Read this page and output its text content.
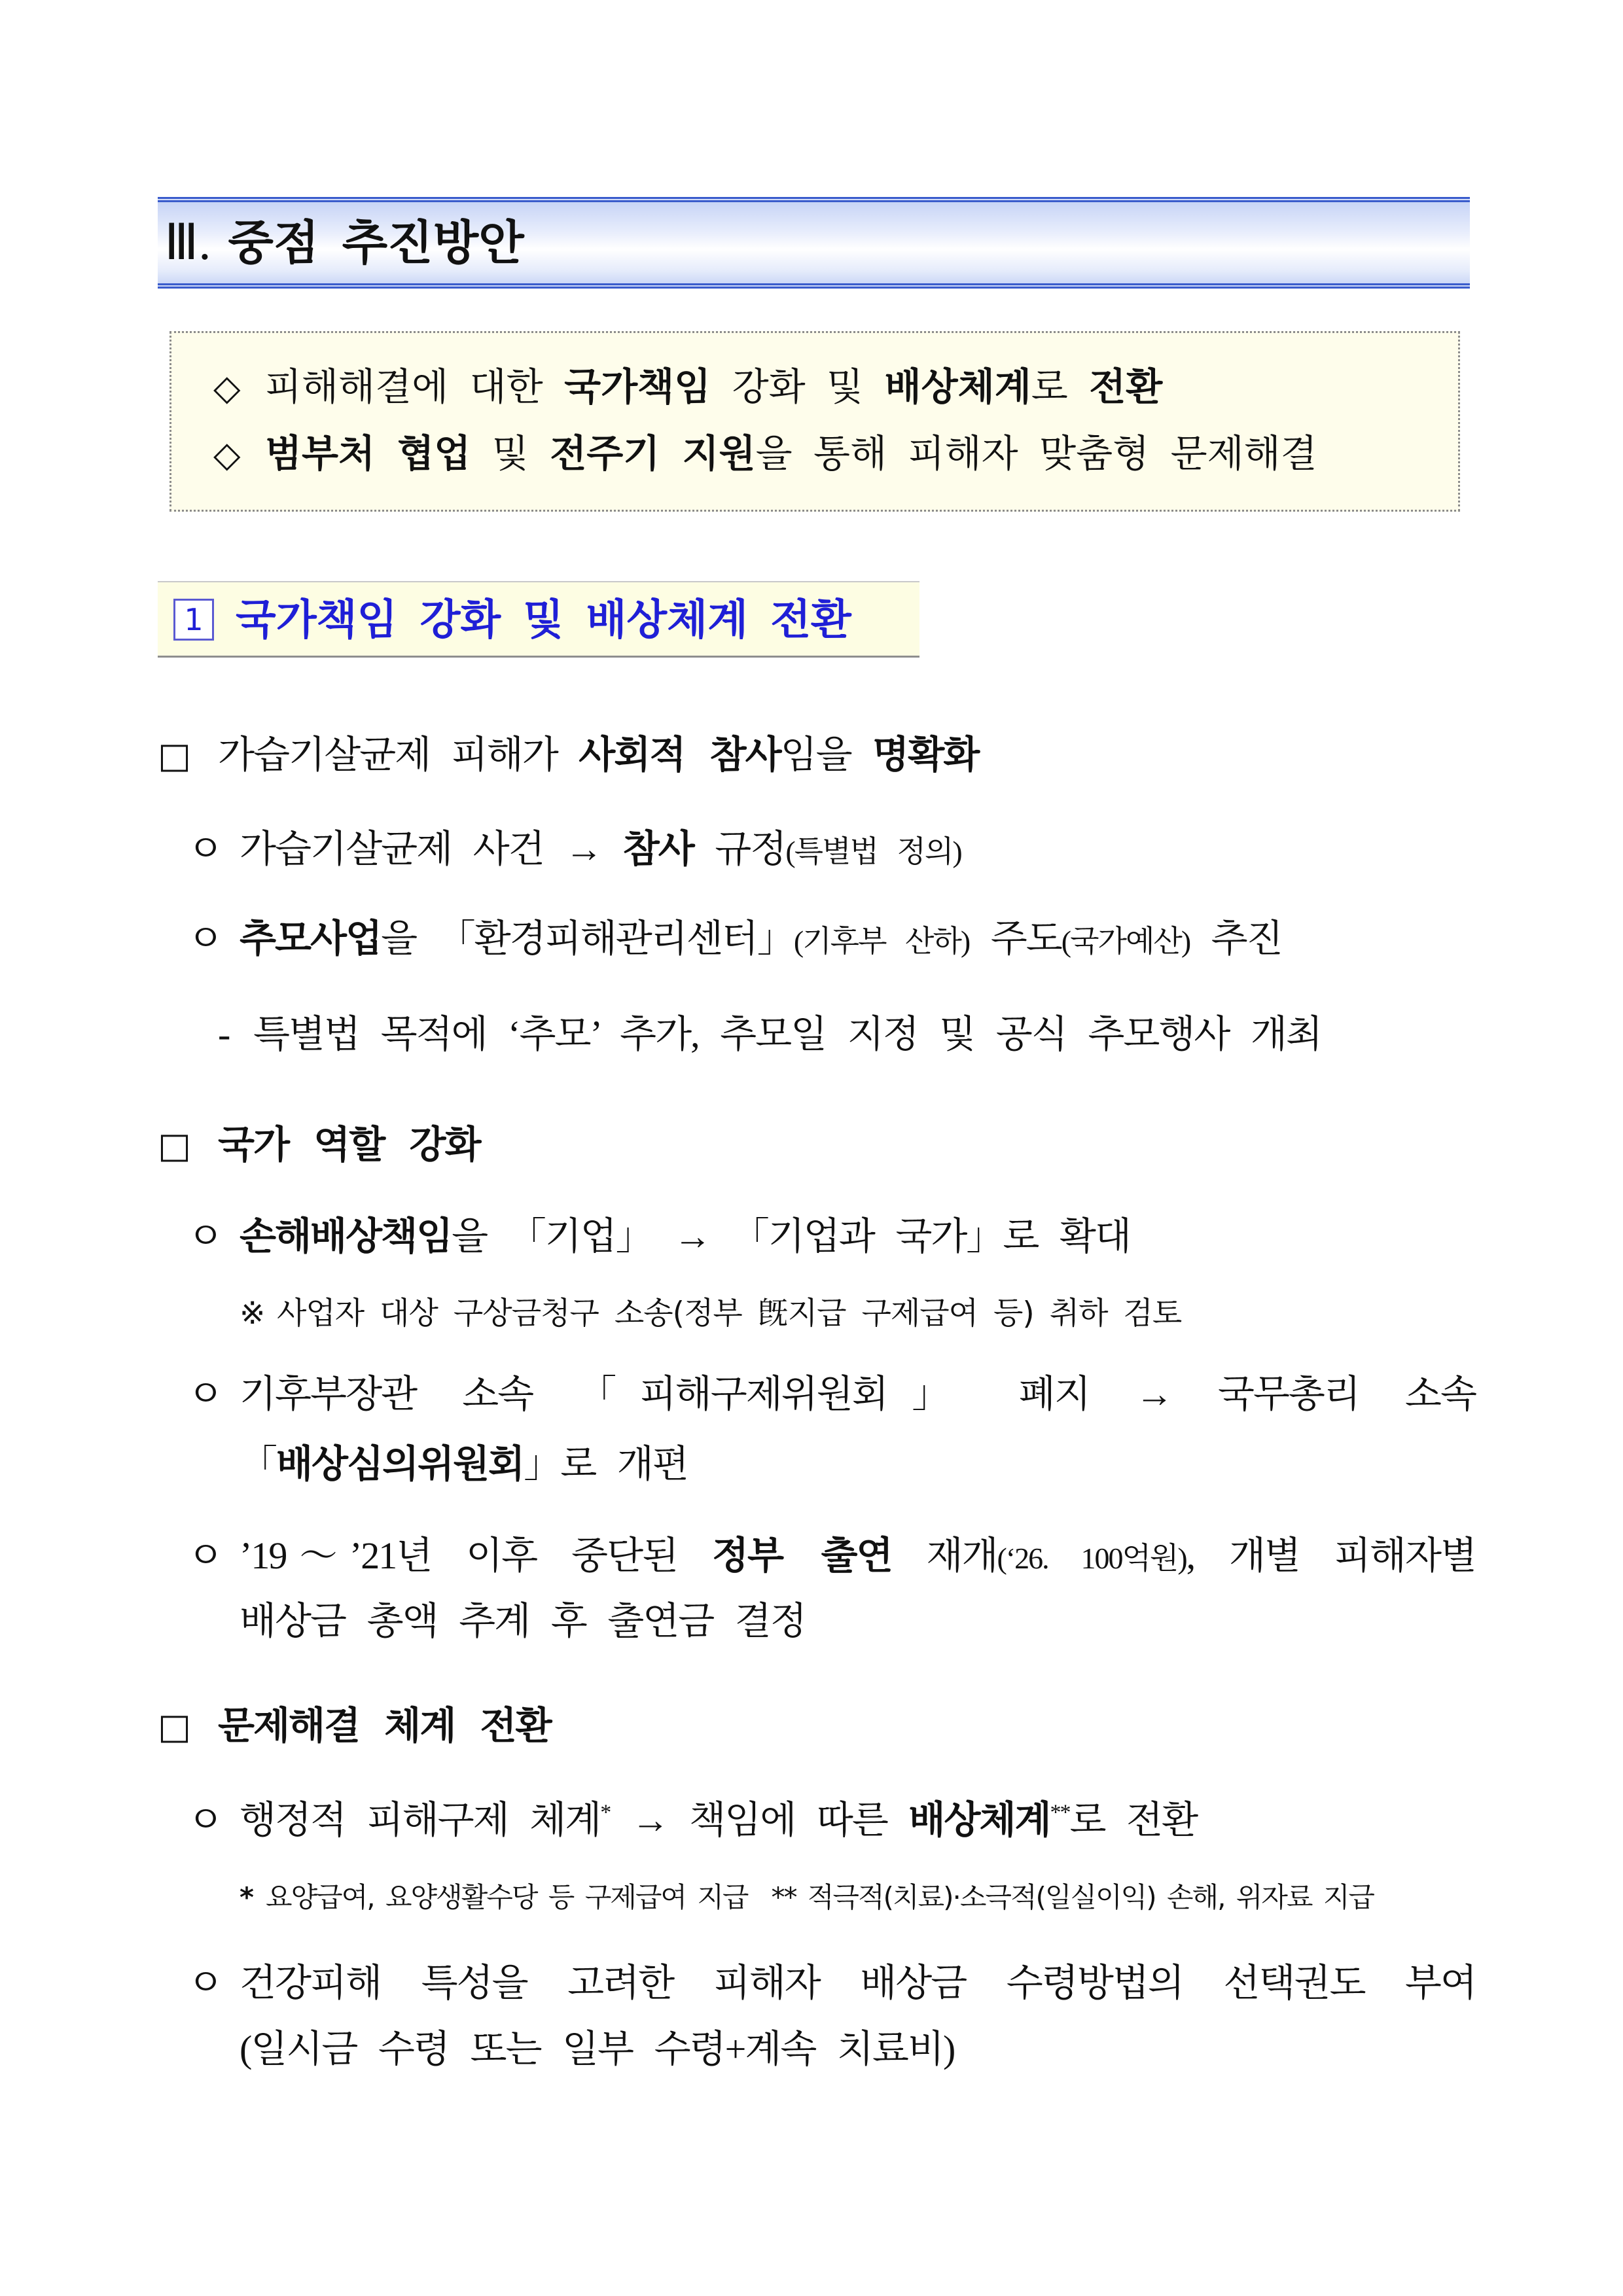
Ⅲ. 중점 추진방안
◇ 피해해결에 대한 국가책임 강화 및 배상체계로 전환
◇ 범부처 협업 및 전주기 지원을 통해 피해자 맞춤형 문제해결
1 국가책임 강화 및 배상체계 전환
□ 가습기살균제 피해가 사회적 참사임을 명확화
ㅇ 가습기살균제 사건 → 참사 규정(특별법 정의)
ㅇ 추모사업을 「환경피해관리센터」(기후부 산하) 주도(국가예산) 추진
- 특별법 목적에 ‘추모’ 추가, 추모일 지정 및 공식 추모행사 개최
□ 국가 역할 강화
ㅇ 손해배상책임을 「기업」 → 「기업과 국가」로 확대
※ 사업자 대상 구상금청구 소송(정부 旣지급 구제급여 등) 취하 검토
ㅇ 기후부장관 소속 「피해구제위원회」 폐지 → 국무총리 소속
「배상심의위원회」로 개편
ㅇ ’19～’21년 이후 중단된 정부 출연 재개(‘26. 100억원), 개별 피해자별
배상금 총액 추계 후 출연금 결정
□ 문제해결 체계 전환
ㅇ 행정적 피해구제 체계* → 책임에 따른 배상체계**로 전환
* 요양급여, 요양생활수당 등 구제급여 지급 ** 적극적(치료)·소극적(일실이익) 손해, 위자료 지급
ㅇ 건강피해 특성을 고려한 피해자 배상금 수령방법의 선택권도 부여
(일시금 수령 또는 일부 수령+계속 치료비)
